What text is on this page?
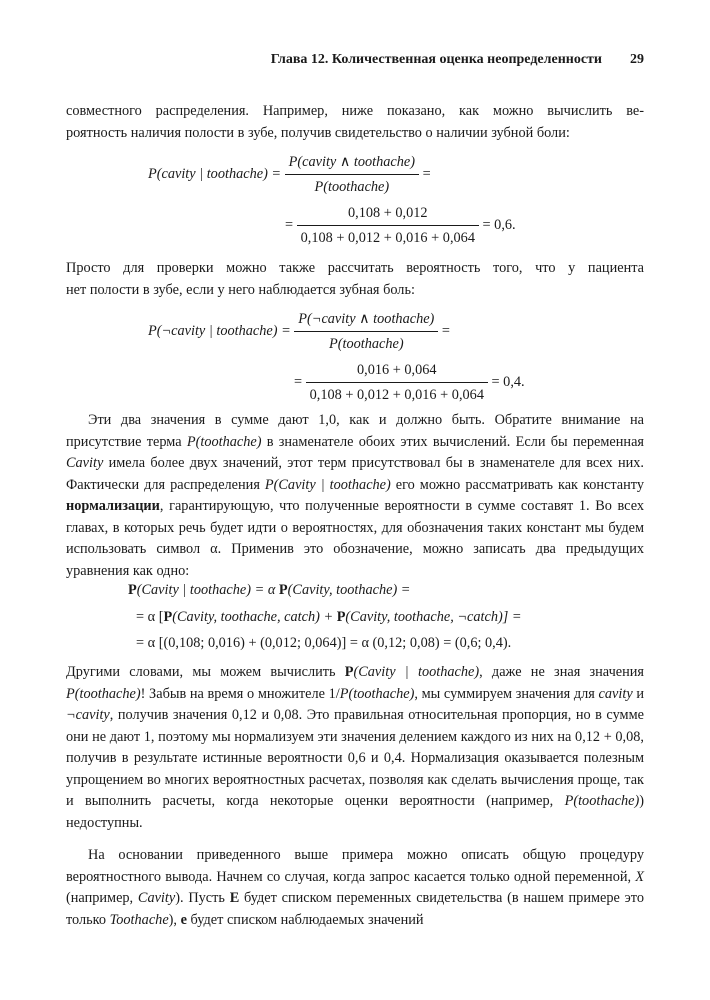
Глава 12. Количественная оценка неопределенности 29
совместного распределения. Например, ниже показано, как можно вычислить ве-
роятность наличия полости в зубе, получив свидетельство о наличии зубной боли:
P(cavity | toothache) = $\frac{\text{P(cavity ∧ toothache)}}{\text{P(toothache)}}$ =
= $\frac{0,108 + 0,012}{0,108 + 0,012 + 0,016 + 0,064} = 0,6$.
Просто для проверки можно также рассчитать вероятность того, что у пациента
нет полости в зубе, если у него наблюдается зубная боль:
P(¬cavity | toothache) = $\frac{\text{P(¬cavity ∧ toothache)}}{\text{P(toothache)}}$ =
= $\frac{0,016 + 0,064}{0,108 + 0,012 + 0,016 + 0,064} = 0,4$.

Эти два значения в сумме дают 1,0, как и должно быть. Обратите внимание на присутствие терма P(toothache) в знаменателе обоих этих вычислений. Если бы переменная Cavity имела более двух значений, этот терм присутствовал бы в знаменателе для всех них. Фактически для распределения P(Cavity | toothache) его можно рассматривать как константу нормализации, гарантирующую, что полученные вероятности в сумме составят 1. Во всех главах, в которых речь будет идти о вероятностях, для обозначения таких констант мы будем использовать символ α. Применив это обозначение, можно записать два предыдущих уравнения как одно:

P(Cavity | toothache) = α P(Cavity, toothache) =
= α [P(Cavity, toothache, catch) + P(Cavity, toothache, ¬catch)] =
= α [(0,108; 0,016) + (0,012; 0,064)] = α (0,12; 0,08) = (0,6; 0,4).

Другими словами, мы можем вычислить P(Cavity | toothache), даже не зная значения P(toothache)! Забыв на время о множителе 1/P(toothache), мы суммируем значения для cavity и ¬cavity, получив значения 0,12 и 0,08. Это правильная относительная пропорция, но в сумме они не дают 1, поэтому мы нормализуем эти значения делением каждого из них на 0,12 + 0,08, получив в результате истинные вероятности 0,6 и 0,4. Нормализация оказывается полезным упрощением во многих вероятностных расчетах, позволяя как сделать вычисления проще, так и выполнить расчеты, когда некоторые оценки вероятности (например, P(toothache)) недоступны.

На основании приведенного выше примера можно описать общую процедуру вероятностного вывода. Начнем со случая, когда запрос касается только одной переменной, X (например, Cavity). Пусть E будет списком переменных свидетельства (в нашем примере это только Toothache), e будет списком наблюдаемых значений
